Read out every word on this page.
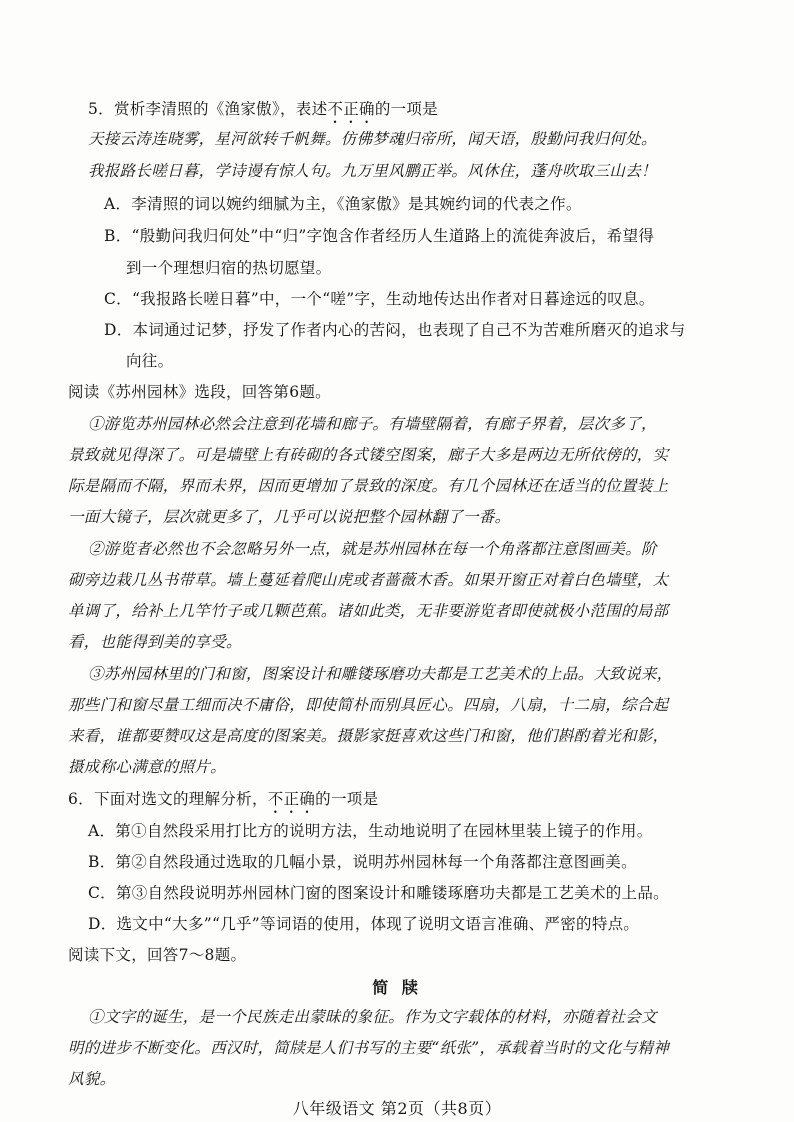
5．赏析李清照的《渔家傲》，表述不正确的一项是
天接云涛连晓雾，星河欲转千帆舞。仿佛梦魂归帝所，闻天语，殷勤问我归何处。
我报路长嗟日暮，学诗谩有惊人句。九万里风鹏正举。风休住，蓬舟吹取三山去！
A．李清照的词以婉约细腻为主，《渔家傲》是其婉约词的代表之作。
B．“殷勤问我归何处”中“归”字饱含作者经历人生道路上的流徙奔波后，希望得
到一个理想归宿的热切愿望。
C．“我报路长嗟日暮”中，一个“嗟”字，生动地传达出作者对日暮途远的叹息。
D．本词通过记梦，抒发了作者内心的苦闷，也表现了自己不为苦难所磨灭的追求与
向往。
阅读《苏州园林》选段，回答第6题。
①游览苏州园林必然会注意到花墙和廊子。有墙壁隔着，有廊子界着，层次多了，
景致就见得深了。可是墙壁上有砖砌的各式镂空图案，廊子大多是两边无所依傍的，实
际是隔而不隔，界而未界，因而更增加了景致的深度。有几个园林还在适当的位置装上
一面大镜子，层次就更多了，几乎可以说把整个园林翻了一番。
②游览者必然也不会忽略另外一点，就是苏州园林在每一个角落都注意图画美。阶
砌旁边栽几丛书带草。墙上蔓延着爬山虎或者蔷薇木香。如果开窗正对着白色墙壁，太
单调了，给补上几竿竹子或几颗芭蕉。诸如此类，无非要游览者即使就极小范围的局部
看，也能得到美的享受。
③苏州园林里的门和窗，图案设计和雕镂琢磨功夫都是工艺美术的上品。大致说来，
那些门和窗尽量工细而决不庸俗，即使简朴而别具匠心。四扇，八扇，十二扇，综合起
来看，谁都要赞叹这是高度的图案美。摄影家挺喜欢这些门和窗，他们斟酌着光和影，
摄成称心满意的照片。
6．下面对选文的理解分析，不正确的一项是
A．第①自然段采用打比方的说明方法，生动地说明了在园林里装上镜子的作用。
B．第②自然段通过选取的几幅小景，说明苏州园林每一个角落都注意图画美。
C．第③自然段说明苏州园林门窗的图案设计和雕镂琢磨功夫都是工艺美术的上品。
D．选文中“大多”“几乎”等词语的使用，体现了说明文语言准确、严密的特点。
阅读下文，回答7～8题。
简 牍
①文字的诞生，是一个民族走出蒙昧的象征。作为文字载体的材料，亦随着社会文
明的进步不断变化。西汉时，简牍是人们书写的主要“纸张”，承载着当时的文化与精神
风貌。
八年级语文 第2页（共8页）
